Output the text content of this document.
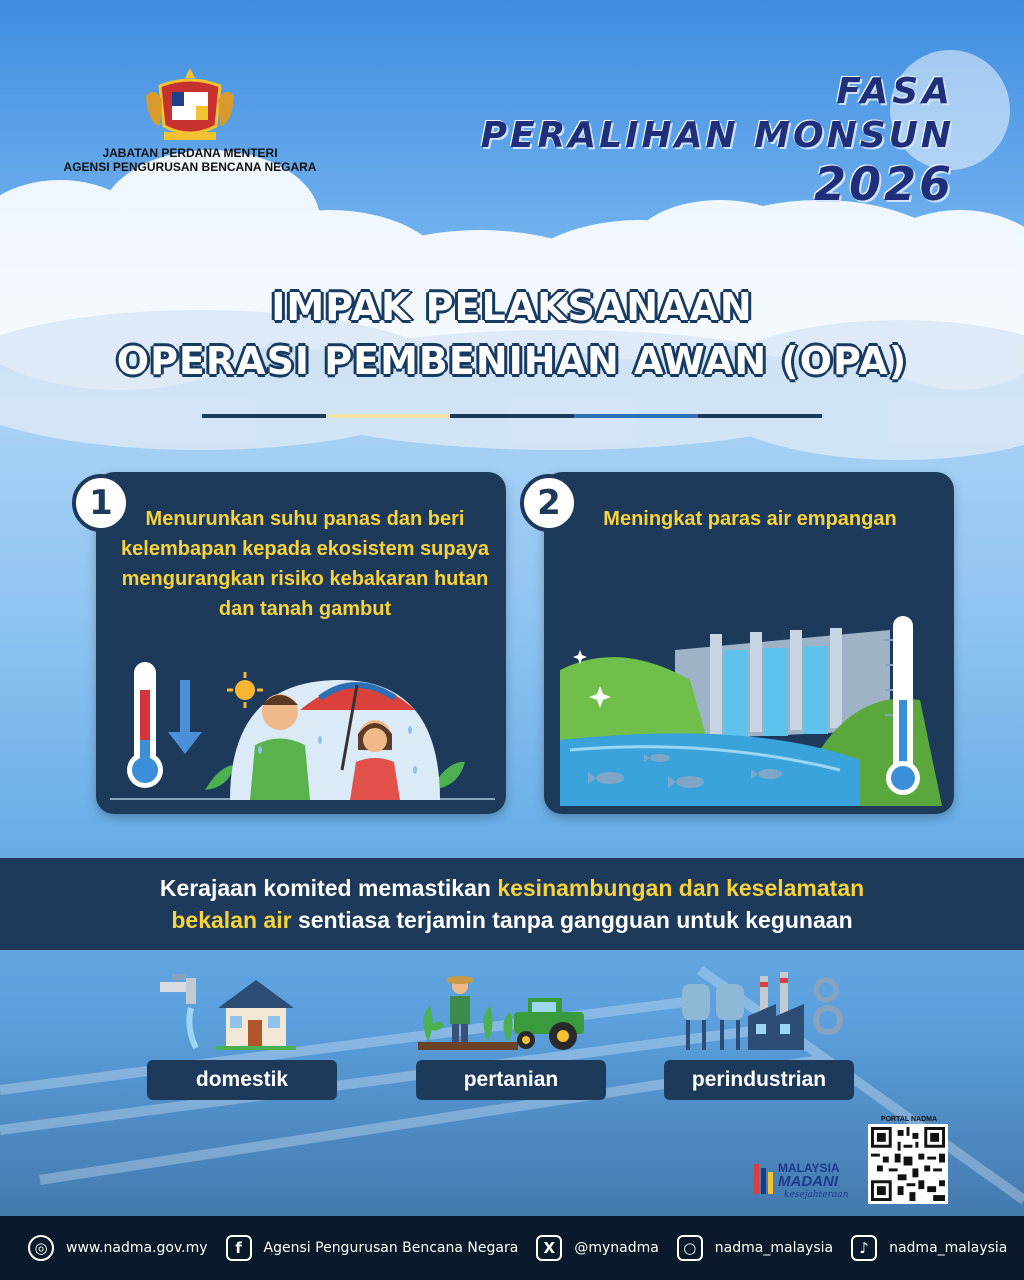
JABATAN PERDANA MENTERI
AGENSI PENGURUSAN BENCANA NEGARA
FASA
PERALIHAN MONSUN
2026
IMPAK PELAKSANAAN
OPERASI PEMBENIHAN AWAN (OPA)
1	Menurunkan suhu panas dan beri kelembapan kepada ekosistem supaya mengurangkan risiko kebakaran hutan dan tanah gambut
2	Meningkat paras air empangan
Kerajaan komited memastikan kesinambungan dan keselamatan
bekalan air sentiasa terjamin tanpa gangguan untuk kegunaan
domestik	pertanian	perindustrian
MALAYSIA
MADANI
kesejahteraan
PORTAL NADMA
◎	www.nadma.gov.my	f	Agensi Pengurusan Bencana Negara	X	@mynadma	○	nadma_malaysia	♪	nadma_malaysia
